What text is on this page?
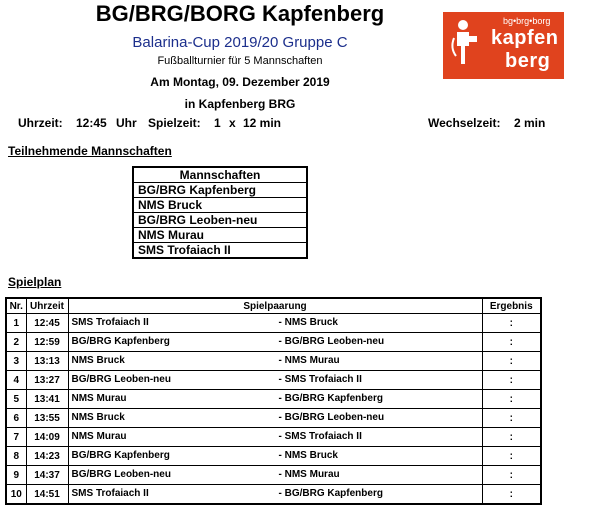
BG/BRG/BORG Kapfenberg
Balarina-Cup 2019/20 Gruppe C
Fußballturnier für 5 Mannschaften
Am Montag, 09. Dezember 2019
in Kapfenberg BRG
bg•brg•borg
kapfen
berg
Uhrzeit: 12:45 Uhr Spielzeit: 1 x 12 min	Wechselzeit: 2 min
Teilnehmende Mannschaften
Mannschaften
BG/BRG Kapfenberg
NMS Bruck
BG/BRG Leoben-neu
NMS Murau
SMS Trofaiach II
Spielplan
Nr.	Uhrzeit	Spielpaarung	Ergebnis
1	12:45	SMS Trofaiach II - NMS Bruck	:
2	12:59	BG/BRG Kapfenberg - BG/BRG Leoben-neu	:
3	13:13	NMS Bruck - NMS Murau	:
4	13:27	BG/BRG Leoben-neu - SMS Trofaiach II	:
5	13:41	NMS Murau - BG/BRG Kapfenberg	:
6	13:55	NMS Bruck - BG/BRG Leoben-neu	:
7	14:09	NMS Murau - SMS Trofaiach II	:
8	14:23	BG/BRG Kapfenberg - NMS Bruck	:
9	14:37	BG/BRG Leoben-neu - NMS Murau	:
10	14:51	SMS Trofaiach II - BG/BRG Kapfenberg	:
